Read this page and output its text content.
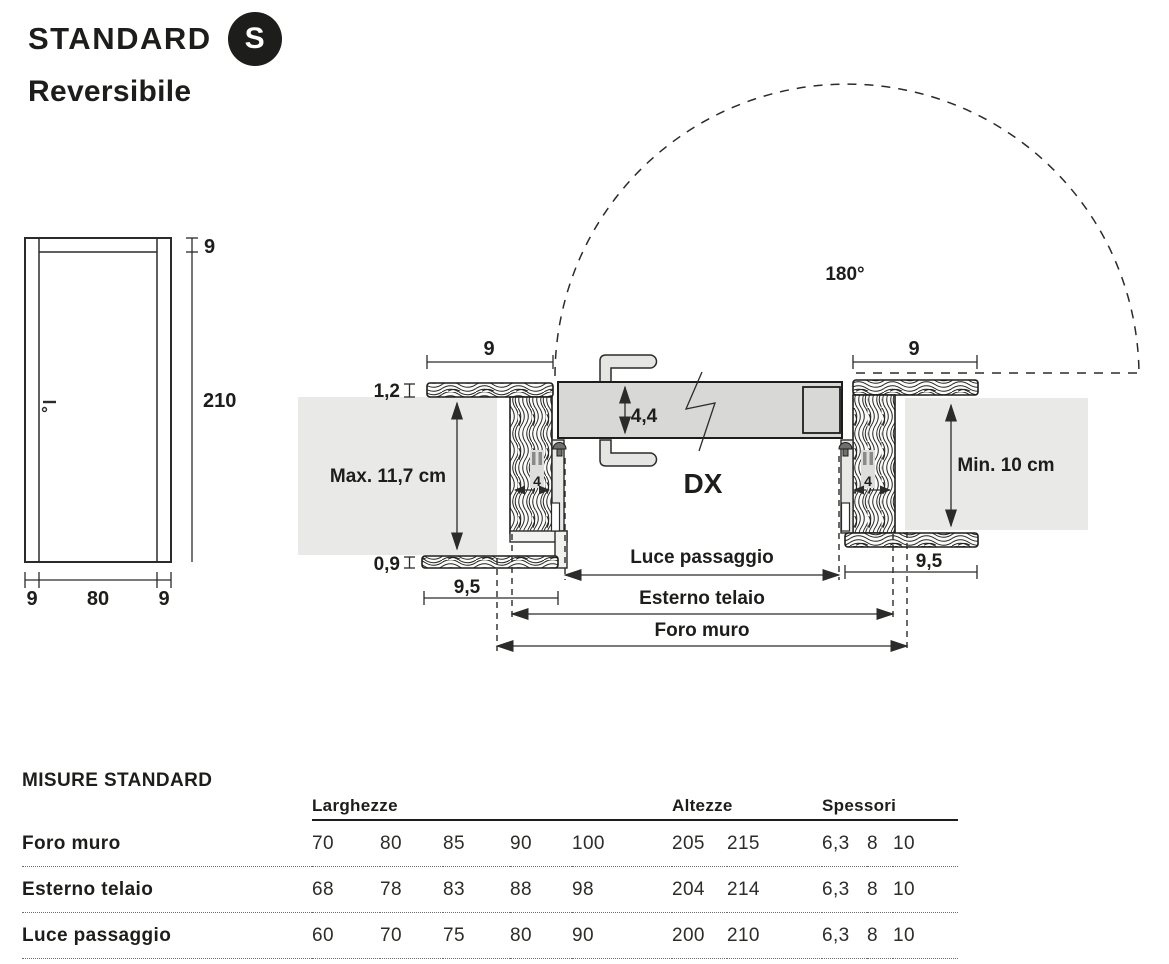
STANDARD	S
Reversibile
9
210
9 80 9
180°
Max. 11,7 cm
Min. 10 cm
4	4
4,4
DX
9	9
1,2
0,9
9,5
9,5
Luce passaggio
Esterno telaio
Foro muro
MISURE STANDARD
Larghezze	Altezze	Spessori
Foro muro	70	80	85	90	100	205	215	6,3 8 10
Esterno telaio	68	78	83	88	98	204	214	6,3 8 10
Luce passaggio	60	70	75	80	90	200	210	6,3 8 10
